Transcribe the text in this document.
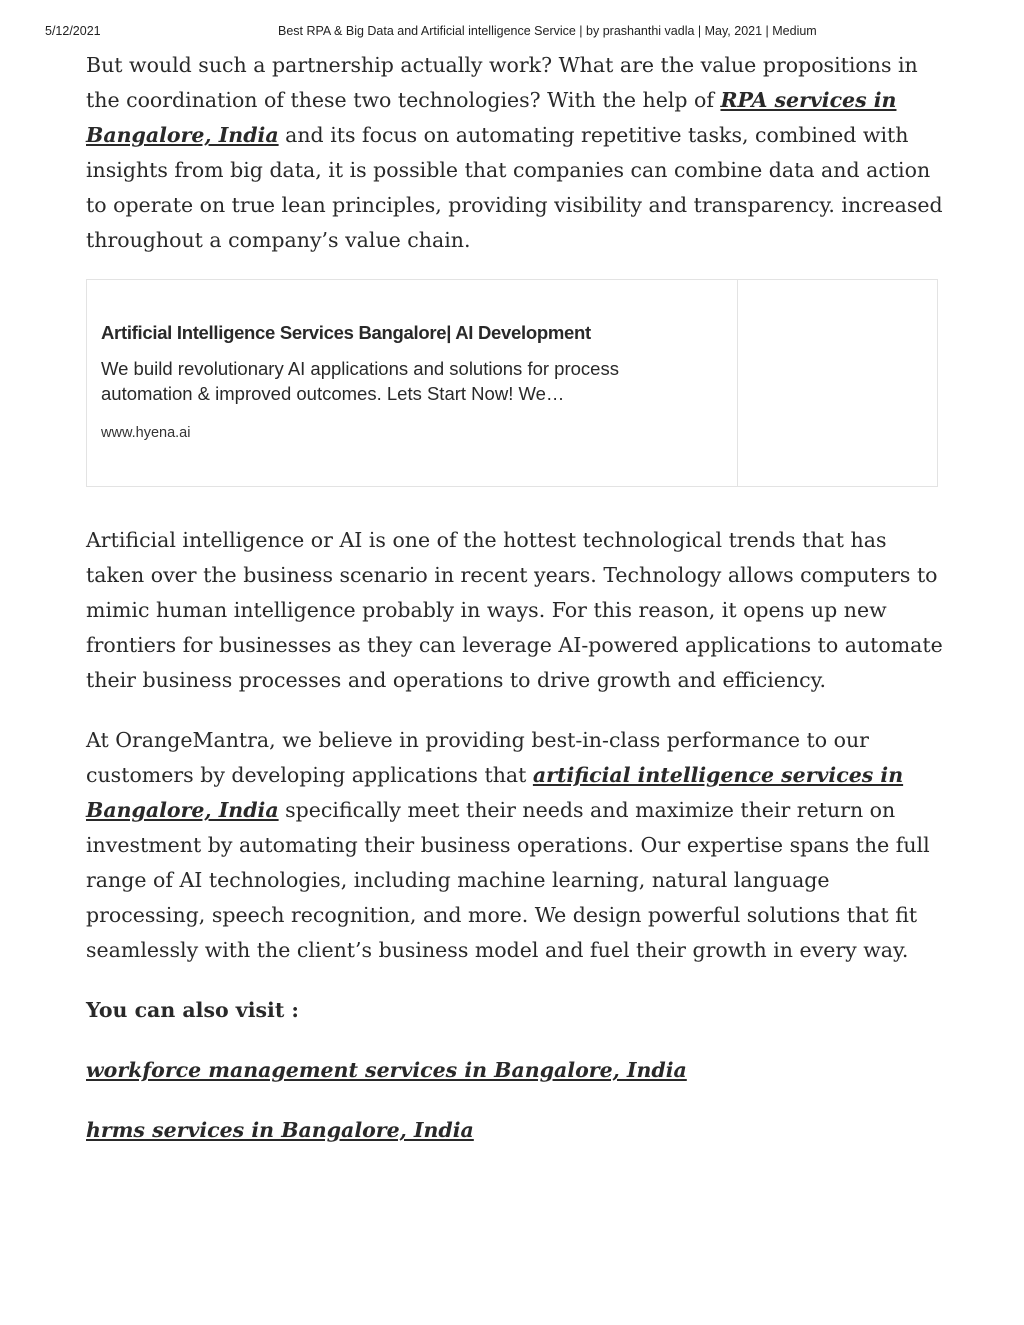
5/12/2021	Best RPA & Big Data and Artificial intelligence Service | by prashanthi vadla | May, 2021 | Medium

But would such a partnership actually work? What are the value propositions in the coordination of these two technologies? With the help of RPA services in Bangalore, India and its focus on automating repetitive tasks, combined with insights from big data, it is possible that companies can combine data and action to operate on true lean principles, providing visibility and transparency. increased throughout a company’s value chain.

Artificial Intelligence Services Bangalore| AI Development
We build revolutionary AI applications and solutions for process automation & improved outcomes. Lets Start Now! We…
www.hyena.ai

Artificial intelligence or AI is one of the hottest technological trends that has taken over the business scenario in recent years. Technology allows computers to mimic human intelligence probably in ways. For this reason, it opens up new frontiers for businesses as they can leverage AI-powered applications to automate their business processes and operations to drive growth and efficiency.

At OrangeMantra, we believe in providing best-in-class performance to our customers by developing applications that artificial intelligence services in Bangalore, India specifically meet their needs and maximize their return on investment by automating their business operations. Our expertise spans the full range of AI technologies, including machine learning, natural language processing, speech recognition, and more. We design powerful solutions that fit seamlessly with the client’s business model and fuel their growth in every way.

You can also visit :

workforce management services in Bangalore, India

hrms services in Bangalore, India
